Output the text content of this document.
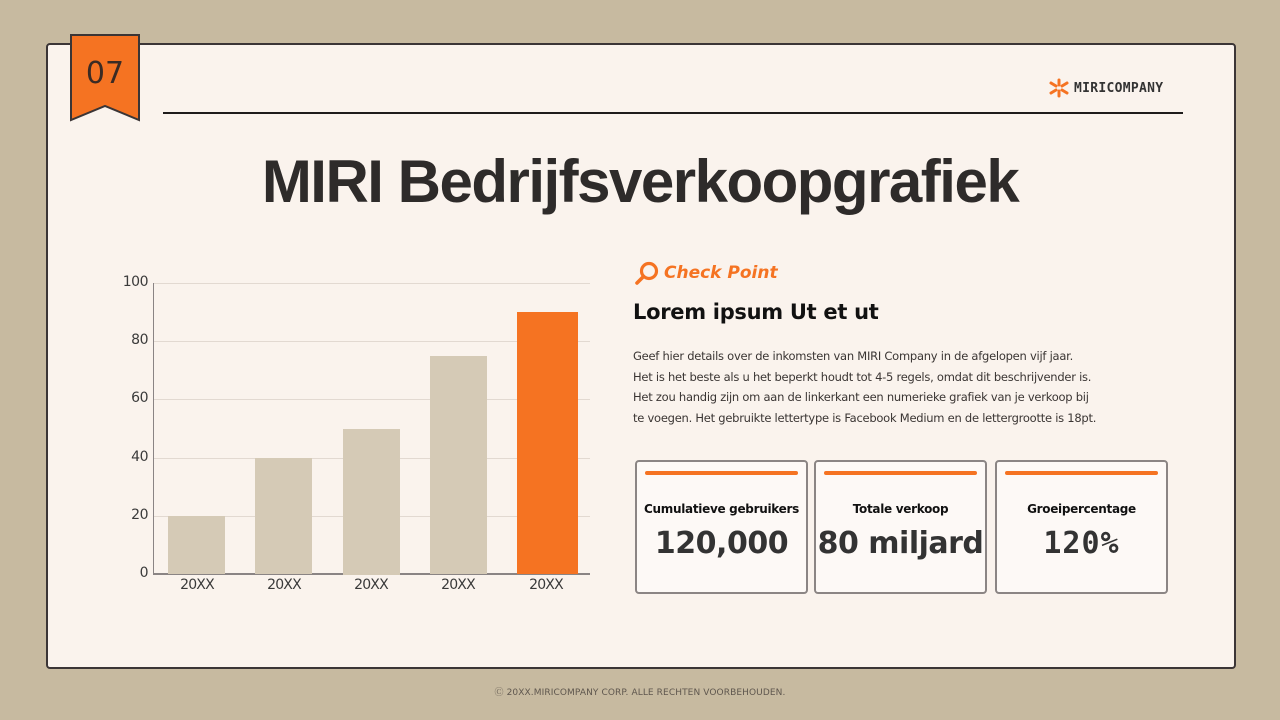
07	MIRICOMPANY
MIRI Bedrijfsverkoopgrafiek
0
20
40
60
80
100
20XX	20XX	20XX	20XX	20XX
Check Point
Lorem ipsum Ut et ut
Geef hier details over de inkomsten van MIRI Company in de afgelopen vijf jaar.
Het is het beste als u het beperkt houdt tot 4-5 regels, omdat dit beschrijvender is.
Het zou handig zijn om aan de linkerkant een numerieke grafiek van je verkoop bij
te voegen. Het gebruikte lettertype is Facebook Medium en de lettergrootte is 18pt.
Cumulatieve gebruikers
120,000
Totale verkoop
80 miljard
Groeipercentage
120%
Ⓒ 20XX.MIRICOMPANY CORP. ALLE RECHTEN VOORBEHOUDEN.
